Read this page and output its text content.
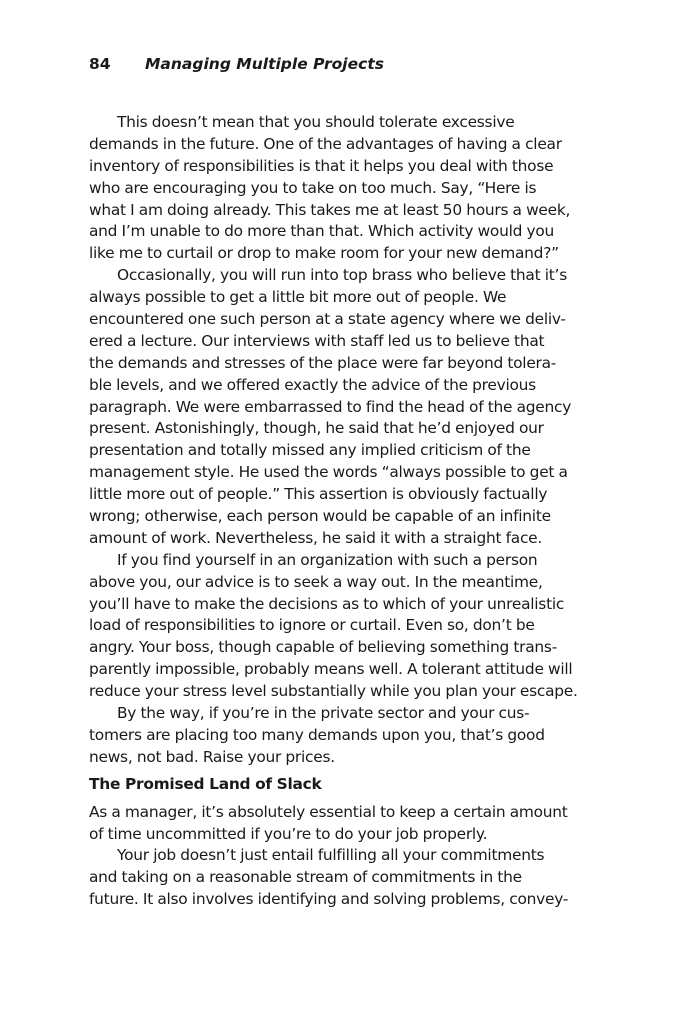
84 Managing Multiple Projects
This doesn’t mean that you should tolerate excessive
demands in the future. One of the advantages of having a clear
inventory of responsibilities is that it helps you deal with those
who are encouraging you to take on too much. Say, “Here is
what I am doing already. This takes me at least 50 hours a week,
and I’m unable to do more than that. Which activity would you
like me to curtail or drop to make room for your new demand?”
Occasionally, you will run into top brass who believe that it’s
always possible to get a little bit more out of people. We
encountered one such person at a state agency where we deliv-
ered a lecture. Our interviews with staff led us to believe that
the demands and stresses of the place were far beyond tolera-
ble levels, and we offered exactly the advice of the previous
paragraph. We were embarrassed to find the head of the agency
present. Astonishingly, though, he said that he’d enjoyed our
presentation and totally missed any implied criticism of the
management style. He used the words “always possible to get a
little more out of people.” This assertion is obviously factually
wrong; otherwise, each person would be capable of an infinite
amount of work. Nevertheless, he said it with a straight face.
If you find yourself in an organization with such a person
above you, our advice is to seek a way out. In the meantime,
you’ll have to make the decisions as to which of your unrealistic
load of responsibilities to ignore or curtail. Even so, don’t be
angry. Your boss, though capable of believing something trans-
parently impossible, probably means well. A tolerant attitude will
reduce your stress level substantially while you plan your escape.
By the way, if you’re in the private sector and your cus-
tomers are placing too many demands upon you, that’s good
news, not bad. Raise your prices.
The Promised Land of Slack
As a manager, it’s absolutely essential to keep a certain amount
of time uncommitted if you’re to do your job properly.
Your job doesn’t just entail fulfilling all your commitments
and taking on a reasonable stream of commitments in the
future. It also involves identifying and solving problems, convey-
